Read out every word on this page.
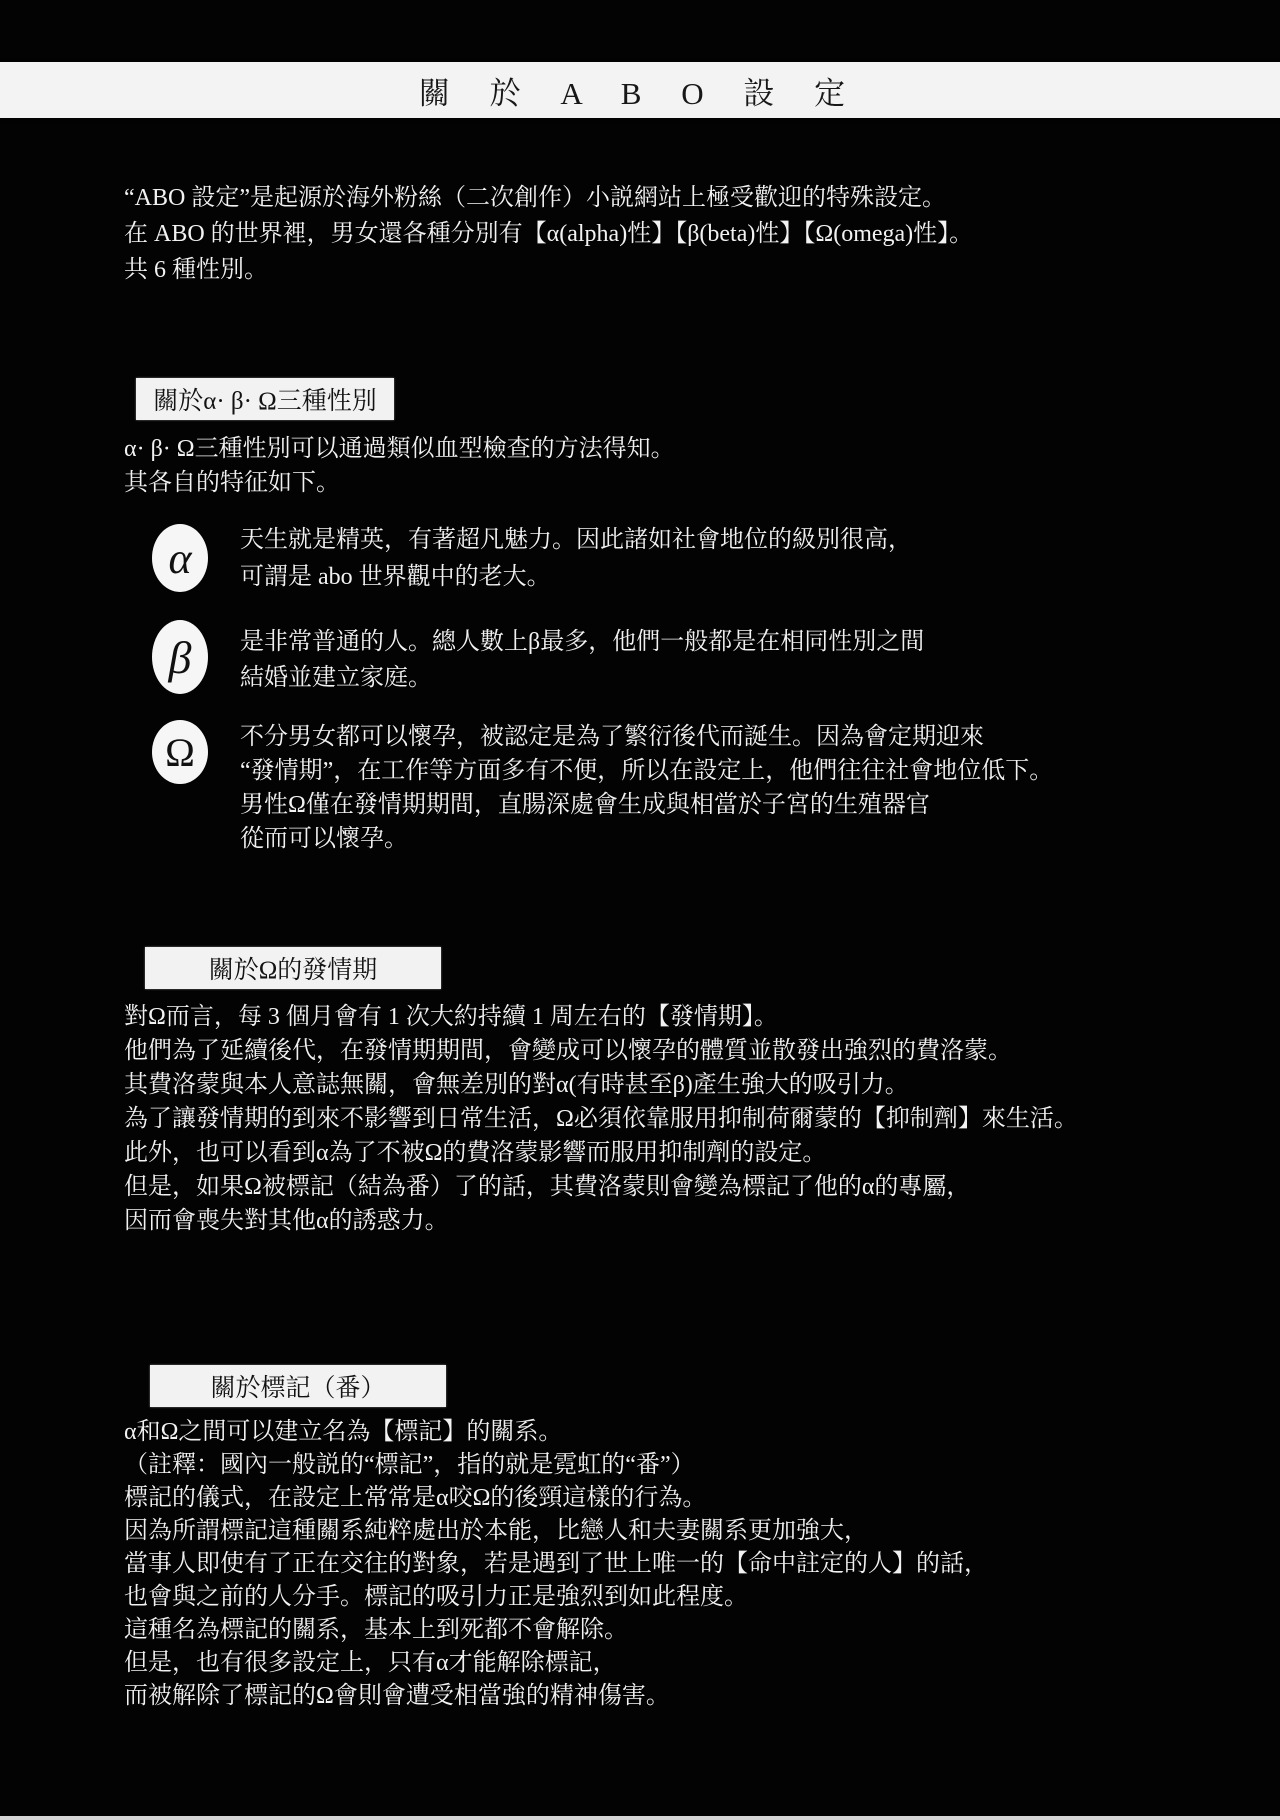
關 於 A B O 設 定
“ABO 設定”是起源於海外粉絲（二次創作）小説網站上極受歡迎的特殊設定。
在 ABO 的世界裡，男女還各種分別有【α(alpha)性】【β(beta)性】【Ω(omega)性】。
共 6 種性別。
關於α· β· Ω三種性別
α· β· Ω三種性別可以通過類似血型檢查的方法得知。
其各自的特征如下。
α 天生就是精英，有著超凡魅力。因此諸如社會地位的級別很高，
可謂是 abo 世界觀中的老大。
β 是非常普通的人。總人數上β最多，他們一般都是在相同性別之間
結婚並建立家庭。
Ω 不分男女都可以懷孕，被認定是為了繁衍後代而誕生。因為會定期迎來
“發情期”，在工作等方面多有不便，所以在設定上，他們往往社會地位低下。
男性Ω僅在發情期期間，直腸深處會生成與相當於子宮的生殖器官
從而可以懷孕。
關於Ω的發情期
對Ω而言，每 3 個月會有 1 次大約持續 1 周左右的【發情期】。
他們為了延續後代，在發情期期間，會變成可以懷孕的體質並散發出強烈的費洛蒙。
其費洛蒙與本人意誌無關，會無差別的對α(有時甚至β)產生強大的吸引力。
為了讓發情期的到來不影響到日常生活，Ω必須依靠服用抑制荷爾蒙的【抑制劑】來生活。
此外，也可以看到α為了不被Ω的費洛蒙影響而服用抑制劑的設定。
但是，如果Ω被標記（結為番）了的話，其費洛蒙則會變為標記了他的α的專屬，
因而會喪失對其他α的誘惑力。
關於標記（番）
α和Ω之間可以建立名為【標記】的關系。
（註釋：國內一般説的“標記”，指的就是霓虹的“番”）
標記的儀式，在設定上常常是α咬Ω的後頸這樣的行為。
因為所謂標記這種關系純粹處出於本能，比戀人和夫妻關系更加強大，
當事人即使有了正在交往的對象，若是遇到了世上唯一的【命中註定的人】的話，
也會與之前的人分手。標記的吸引力正是強烈到如此程度。
這種名為標記的關系，基本上到死都不會解除。
但是，也有很多設定上，只有α才能解除標記，
而被解除了標記的Ω會則會遭受相當強的精神傷害。
